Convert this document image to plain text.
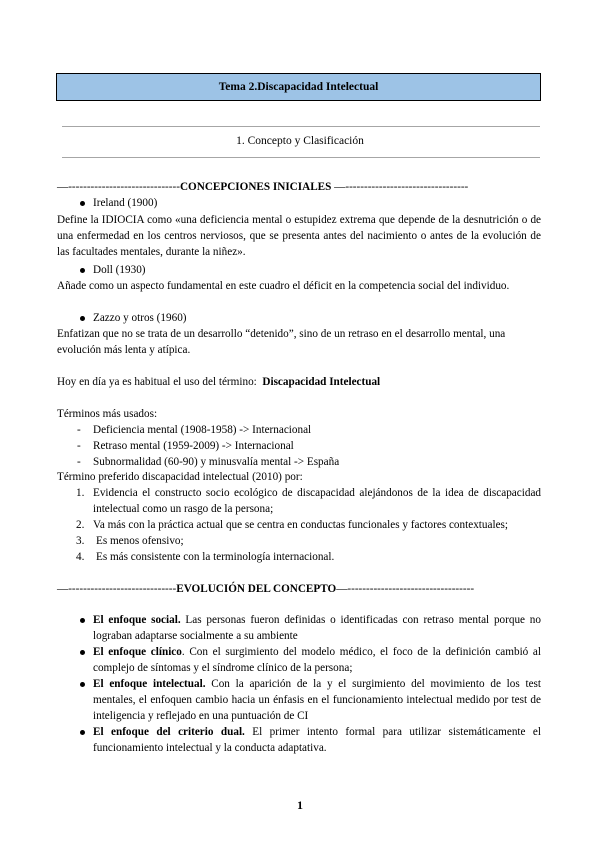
Tema 2.Discapacidad Intelectual
1. Concepto y Clasificación
—------------------------------CONCEPCIONES INICIALES —---------------------------------
Ireland (1900)
Define la IDIOCIA como «una deficiencia mental o estupidez extrema que depende de la desnutrición o de una enfermedad en los centros nerviosos, que se presenta antes del nacimiento o antes de la evolución de las facultades mentales, durante la niñez».
Doll (1930)
Añade como un aspecto fundamental en este cuadro el déficit en la competencia social del individuo.
Zazzo y otros (1960)
Enfatizan que no se trata de un desarrollo “detenido”, sino de un retraso en el desarrollo mental, una evolución más lenta y atípica.
Hoy en día ya es habitual el uso del término: Discapacidad Intelectual
Términos más usados:
- Deficiencia mental (1908-1958) -> Internacional
- Retraso mental (1959-2009) -> Internacional
- Subnormalidad (60-90) y minusvalía mental -> España
Término preferido discapacidad intelectual (2010) por:
1. Evidencia el constructo socio ecológico de discapacidad alejándonos de la idea de discapacidad intelectual como un rasgo de la persona;
2. Va más con la práctica actual que se centra en conductas funcionales y factores contextuales;
3. Es menos ofensivo;
4. Es más consistente con la terminología internacional.
—-----------------------------EVOLUCIÓN DEL CONCEPTO—----------------------------------
El enfoque social. Las personas fueron definidas o identificadas con retraso mental porque no lograban adaptarse socialmente a su ambiente
El enfoque clínico. Con el surgimiento del modelo médico, el foco de la definición cambió al complejo de síntomas y el síndrome clínico de la persona;
El enfoque intelectual. Con la aparición de la y el surgimiento del movimiento de los test mentales, el enfoquen cambio hacia un énfasis en el funcionamiento intelectual medido por test de inteligencia y reflejado en una puntuación de CI
El enfoque del criterio dual. El primer intento formal para utilizar sistemáticamente el funcionamiento intelectual y la conducta adaptativa.
1
